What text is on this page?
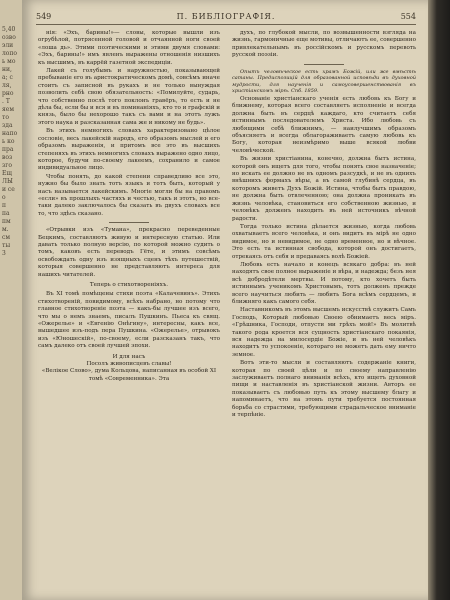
5,40
озво
эли
лопо
ь мо
ни,
а; с
ля,
рно
. Т
яем
то
зда
напо
ь ко
пра
воз
зго
Ещ
ЛЫ
и се
о
п
па
пм
м.
см
ты
3
549	П. БИБЛІОГРАФІЯ.	554

нія: «Эхъ, барины!»— словы, которые вышли изъ огрубѣлой, потрясенной головой и отчаянной ноги своей «лоша дь». Этими поэтическими и этими двумя словами: «Эхъ, барины!» имъ явленъ выражены отношенія низшихъ къ высшимъ, въ каррёй газетной экспедиціи.

Лакей съ голубымъ и наружностью, показывающей пребываніе его въ аристократическомъ домѣ, совсѣмъ иначе стоитъ съ записной въ рукахъ и не только вынуждая позволить себѣ свою обязательность: «Помилуйте, сударь, что собственно послѣ того поклонъ гравёръ, то есть и не дѣла бы, если бы и вся и въ поминаніяхъ, кто то и графскій и князь, было бы нехорошо такъ съ вами и на этотъ лужъ этого наука и разсказанная сама же и никому не будь».

Въ этихъ немногихъ словахъ характеризовано цѣлое сословіе, весь лакейскій народъ, его образомъ мыслей и его образомъ выраженія, и притомъ все это въ высшихъ степеняхъ въ этихъ немногихъ словахъ выражено одно лицо, которое, будучи по-своему лакеемъ, сохранило и самое индивидуальное лицо.

Чтобы понять, до какой степени справедливо все это, нужно бы было знать тотъ языкъ и тотъ быть, который у насъ называется лакейскимъ. Многіе могли бы на правомъ «если» въ прошлыхъ частяхъ и честью, такъ и этотъ, но все-таки далеко заключалось бы сказать въ двухъ словахъ все то, что здѣсь сказано.

«Отрывки изъ «Тумана», прекрасно переведенные Бецкимъ, составляютъ живую и интересную статью. Или давать только полную версію, по которой можно судить о томъ, каковъ есть переводъ Гёте, и этимъ совсѣмъ освобождать одну изъ изящныхъ сценъ тѣхъ путешествій, которыя совершенно не представляютъ интереса для нашихъ читателей.

Теперь о стихотвореніяхъ.

Въ XI томѣ помѣщены стихи поэта «Калачевинъ». Этихъ стихотвореній, повидимому, всѣхъ набрано, но потому что главное стихотвореніе поэта — какъ-бы лучшее изъ всего, что мы о немъ знаемъ, писалъ Пушкинъ. Пьеса къ свящ. «Ожерелье» и «Евгенію Онѣгину», интересны, какъ все, вышедшее изъ-подъ пера Пушкина. «Ожерелье», отрывокъ изъ «Юношескій», по-своему, если разсказанъ такъ, что самъ далеко отъ своей лучшей эпохи.

И для насъ
Посолъ живописцевъ славы!
«Велікое Слово», дума Кольцова, написанная въ особой XI томѣ «Современника». Эта

духъ, по глубокой мысли, по возвышенности взгляда на жизнь, гармоничные еще мотивы, отличаютъ ее, совершенно привлекательнымъ въ россійскомъ и русскомъ перевоть русской поэзіи.

Опытъ человѣческое есть храмъ Божій, или же вмѣстѣ сатаны. Предиспозицій для образованной исповѣди въ духовной мудрости, для наученія и самоусовершенствованія въ христіанскомъ мірѣ. Спб. 1859.

Основаніе христіанскаго ученія есть любовь къ Богу и ближнему, которая всего составляетъ исполненіе и всегда должна быть въ сердцѣ каждаго, кто считаетъ себя истиннымъ последователемъ Христа. Ибо любовь съ любящими себѣ ближнимъ, — наилучшимъ образомъ объясняетъ и всегда облагораживаетъ самую любовь къ Богу, которая неизмѣримо выше всякой любви человѣческой.

Въ жизни христіанина, конечно, должна бытъ истина, которой онъ ищетъ для того, чтобы понять свое назначеніе; но искать ее должно не въ одномъ разсудкѣ, и не въ однихъ внѣшнихъ формахъ вѣры, а въ самой глубинѣ сердца, въ которомъ живетъ Духъ Божій. Истина, чтобы быть правдою, не должна быть отвлеченною; она должна проникать въ жизнь человѣка, становиться его собственною жизнью, и человѣкъ долженъ находить въ ней источникъ вѣчной радости.

Тогда только истина дѣлается жизнью, когда любовь охватываетъ всего человѣка, и онъ видитъ въ мірѣ не одно видимое, но и невидимое, не одно временное, но и вѣчное. Это есть та истинная свобода, которой онъ достигаетъ, отрекаясь отъ себя и предаваясь волѣ Божіей.

Любовь есть начало и конецъ всякаго добра: въ ней находятъ свое полное выраженіе и вѣра, и надежда; безъ нея всѣ добродѣтели мертвы. И потому, кто хочетъ быть истиннымъ ученикомъ Христовымъ, тотъ долженъ прежде всего научиться любить — любить Бога всѣмъ сердцемъ, и ближняго какъ самого себя.

Наставникомъ въ этомъ высшемъ искусствѣ служитъ Самъ Господь, Который любовью Своею обнимаетъ весь міръ. «Грѣшника, Господи, отпусти ми грѣхъ мой!» Въ молитвѣ такого рода кроется вся сущность христіанскаго покаянія, вся надежда на милосердіе Божіе, и въ ней человѣкъ находитъ то успокоеніе, котораго не можетъ дать ему ничто земное.

Вотъ эти-то мысли и составляютъ содержаніе книги, которая по своей цѣли и по своему направленію заслуживаетъ полнаго вниманія всѣхъ, кто ищетъ духовной пищи и наставленія въ христіанской жизни. Авторъ ее показываетъ съ любовью путь къ этому высшему благу и напоминаетъ, что на этомъ пути требуется постоянная борьба со страстями, требующими страдальческое вниманіе и терпѣніе.
